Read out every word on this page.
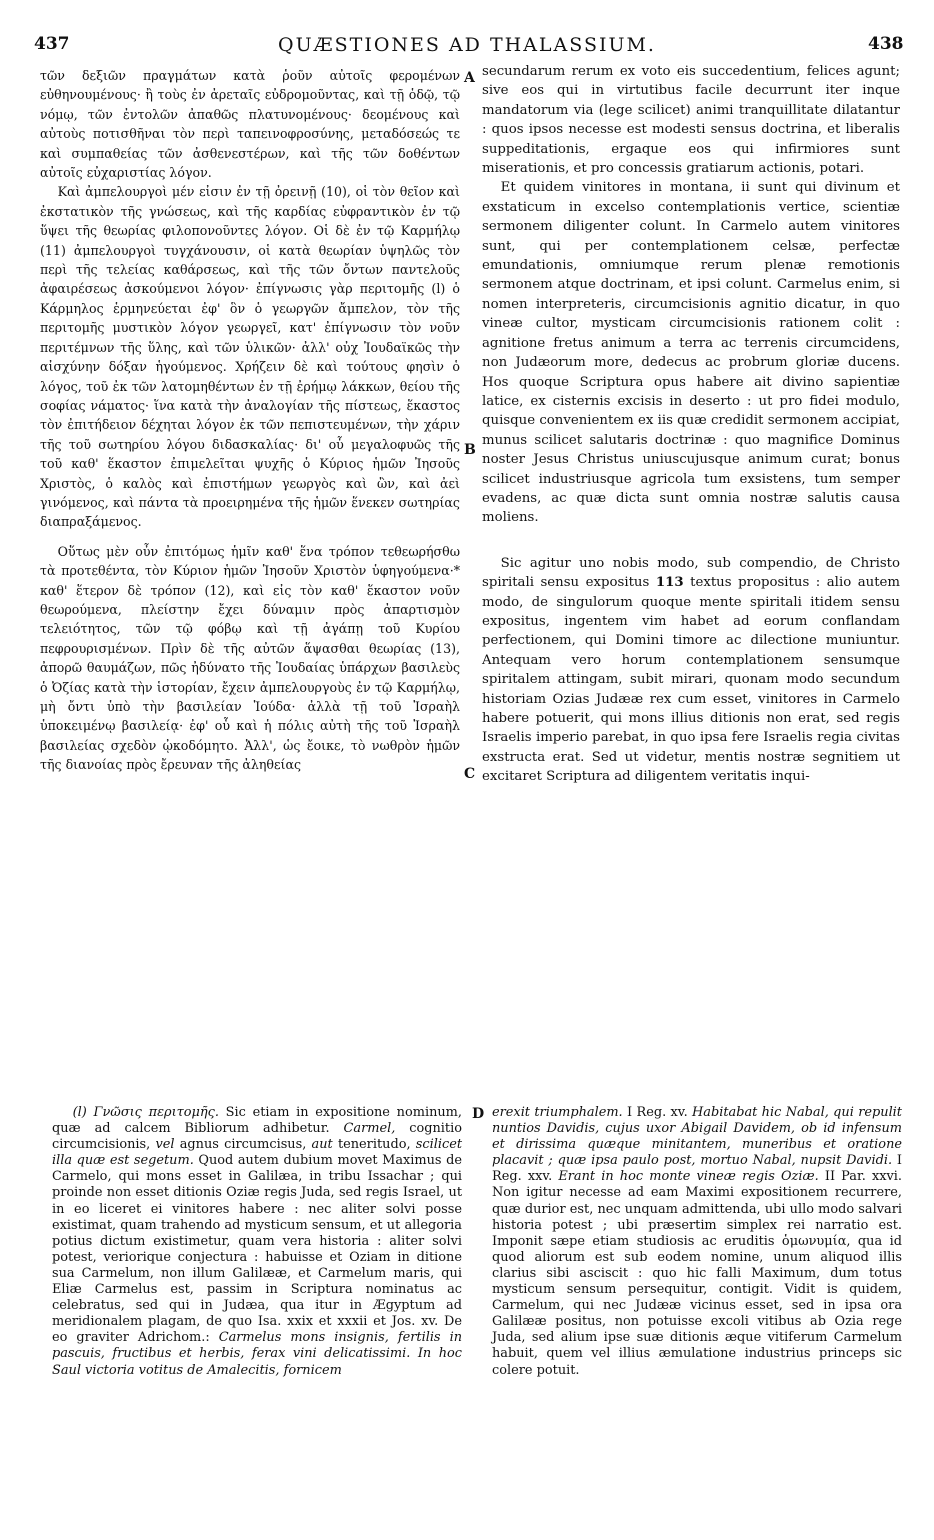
437	QUÆSTIONES AD THALASSIUM.	438
A
B
C
D

τῶν δεξιῶν πραγμάτων κατὰ ῥοῦν αὐτοῖς φερομένων εὐθηνουμένους· ἢ τοὺς ἐν ἀρεταῖς εὐδρομοῦντας, καὶ τῇ ὁδῷ, τῷ νόμῳ, τῶν ἐντολῶν ἀπαθῶς πλατυνομένους· δεομένους καὶ αὐτοὺς ποτισθῆναι τὸν περὶ ταπεινοφροσύνης, μεταδόσεώς τε καὶ συμπαθείας τῶν ἀσθενεστέρων, καὶ τῆς τῶν δοθέντων αὐτοῖς εὐχαριστίας λόγον.

Καὶ ἀμπελουργοὶ μέν εἰσιν ἐν τῇ ὀρεινῇ (10), οἱ τὸν θεῖον καὶ ἐκστατικὸν τῆς γνώσεως, καὶ τῆς καρδίας εὐφραντικὸν ἐν τῷ ὕψει τῆς θεωρίας φιλοπονοῦντες λόγον. Οἱ δὲ ἐν τῷ Καρμήλῳ (11) ἀμπελουργοὶ τυγχάνουσιν, οἱ κατὰ θεωρίαν ὑψηλῶς τὸν περὶ τῆς τελείας καθάρσεως, καὶ τῆς τῶν ὄντων παντελοῦς ἀφαιρέσεως ἀσκούμενοι λόγον· ἐπίγνωσις γὰρ περιτομῆς (l) ὁ Κάρμηλος ἑρμηνεύεται ἐφ' ὃν ὁ γεωργῶν ἄμπελον, τὸν τῆς περιτομῆς μυστικὸν λόγον γεωργεῖ, κατ' ἐπίγνωσιν τὸν νοῦν περιτέμνων τῆς ὕλης, καὶ τῶν ὑλικῶν· ἀλλ' οὐχ Ἰουδαϊκῶς τὴν αἰσχύνην δόξαν ἡγούμενος. Χρήζειν δὲ καὶ τούτους φησὶν ὁ λόγος, τοῦ ἐκ τῶν λατομηθέντων ἐν τῇ ἐρήμῳ λάκκων, θείου τῆς σοφίας νάματος· ἵνα κατὰ τὴν ἀναλογίαν τῆς πίστεως, ἕκαστος τὸν ἐπιτήδειον δέχηται λόγον ἐκ τῶν πεπιστευμένων, τὴν χάριν τῆς τοῦ σωτηρίου λόγου διδασκαλίας· δι' οὗ μεγαλοφυῶς τῆς τοῦ καθ' ἕκαστον ἐπιμελεῖται ψυχῆς ὁ Κύριος ἡμῶν Ἰησοῦς Χριστὸς, ὁ καλὸς καὶ ἐπιστήμων γεωργὸς καὶ ὢν, καὶ ἀεὶ γινόμενος, καὶ πάντα τὰ προειρημένα τῆς ἡμῶν ἕνεκεν σωτηρίας διαπραξάμενος.

Οὕτως μὲν οὖν ἐπιτόμως ἡμῖν καθ' ἕνα τρόπον τεθεωρήσθω τὰ προτεθέντα, τὸν Κύριον ἡμῶν Ἰησοῦν Χριστὸν ὑφηγούμενα·* καθ' ἕτερον δὲ τρόπον (12), καὶ εἰς τὸν καθ' ἕκαστον νοῦν θεωρούμενα, πλείστην ἔχει δύναμιν πρὸς ἀπαρτισμὸν τελειότητος, τῶν τῷ φόβῳ καὶ τῇ ἀγάπῃ τοῦ Κυρίου πεφρουρισμένων. Πρὶν δὲ τῆς αὐτῶν ἅψασθαι θεωρίας (13), ἀπορῶ θαυμάζων, πῶς ἠδύνατο τῆς Ἰουδαίας ὑπάρχων βασιλεὺς ὁ Ὀζίας κατὰ τὴν ἱστορίαν, ἔχειν ἀμπελουργοὺς ἐν τῷ Καρμήλῳ, μὴ ὄντι ὑπὸ τὴν βασιλείαν Ἰούδα· ἀλλὰ τῇ τοῦ Ἰσραὴλ ὑποκειμένῳ βασιλείᾳ· ἐφ' οὗ καὶ ἡ πόλις αὐτὴ τῆς τοῦ Ἰσραὴλ βασιλείας σχεδὸν ᾠκοδόμητο. Ἀλλ', ὡς ἔοικε, τὸ νωθρὸν ἡμῶν τῆς διανοίας πρὸς ἔρευναν τῆς ἀληθείας

secundarum rerum ex voto eis succedentium, felices agunt; sive eos qui in virtutibus facile decurrunt iter inque mandatorum via (lege scilicet) animi tranquillitate dilatantur : quos ipsos necesse est modesti sensus doctrina, et liberalis suppeditationis, ergaque eos qui infirmiores sunt miserationis, et pro concessis gratiarum actionis, potari.

Et quidem vinitores in montana, ii sunt qui divinum et exstaticum in excelso contemplationis vertice, scientiæ sermonem diligenter colunt. In Carmelo autem vinitores sunt, qui per contemplationem celsæ, perfectæ emundationis, omniumque rerum plenæ remotionis sermonem atque doctrinam, et ipsi colunt. Carmelus enim, si nomen interpreteris, circumcisionis agnitio dicatur, in quo vineæ cultor, mysticam circumcisionis rationem colit : agnitione fretus animum a terra ac terrenis circumcidens, non Judæorum more, dedecus ac probrum gloriæ ducens. Hos quoque Scriptura opus habere ait divino sapientiæ latice, ex cisternis excisis in deserto : ut pro fidei modulo, quisque convenientem ex iis quæ credidit sermonem accipiat, munus scilicet salutaris doctrinæ : quo magnifice Dominus noster Jesus Christus uniuscujusque animum curat; bonus scilicet industriusque agricola tum exsistens, tum semper evadens, ac quæ dicta sunt omnia nostræ salutis causa moliens.

Sic agitur uno nobis modo, sub compendio, de Christo spiritali sensu expositus 113 textus propositus : alio autem modo, de singulorum quoque mente spiritali itidem sensu expositus, ingentem vim habet ad eorum conflandam perfectionem, qui Domini timore ac dilectione muniuntur. Antequam vero horum contemplationem sensumque spiritalem attingam, subit mirari, quonam modo secundum historiam Ozias Judææ rex cum esset, vinitores in Carmelo habere potuerit, qui mons illius ditionis non erat, sed regis Israelis imperio parebat, in quo ipsa fere Israelis regia civitas exstructa erat. Sed ut videtur, mentis nostræ segnitiem ut excitaret Scriptura ad diligentem veritatis inqui-

(l) Γνῶσις περιτομῆς. Sic etiam in expositione nominum, quæ ad calcem Bibliorum adhibetur. Carmel, cognitio circumcisionis, vel agnus circumcisus, aut teneritudo, scilicet illa quæ est segetum. Quod autem dubium movet Maximus de Carmelo, qui mons esset in Galilæa, in tribu Issachar ; qui proinde non esset ditionis Oziæ regis Juda, sed regis Israel, ut in eo liceret ei vinitores habere : nec aliter solvi posse existimat, quam trahendo ad mysticum sensum, et ut allegoria potius dictum existimetur, quam vera historia : aliter solvi potest, veriorique conjectura : habuisse et Oziam in ditione sua Carmelum, non illum Galilææ, et Carmelum maris, qui Eliæ Carmelus est, passim in Scriptura nominatus ac celebratus, sed qui in Judæa, qua itur in Ægyptum ad meridionalem plagam, de quo Isa. xxix et xxxii et Jos. xv. De eo graviter Adrichom.: Carmelus mons insignis, fertilis in pascuis, fructibus et herbis, ferax vini delicatissimi. In hoc Saul victoria votitus de Amalecitis, fornicem

erexit triumphalem. I Reg. xv. Habitabat hic Nabal, qui repulit nuntios Davidis, cujus uxor Abigail Davidem, ob id infensum et dirissima quæque minitantem, muneribus et oratione placavit ; quæ ipsa paulo post, mortuo Nabal, nupsit Davidi. I Reg. xxv. Erant in hoc monte vineæ regis Oziæ. II Par. xxvi. Non igitur necesse ad eam Maximi expositionem recurrere, quæ durior est, nec unquam admittenda, ubi ullo modo salvari historia potest ; ubi præsertim simplex rei narratio est. Imponit sæpe etiam studiosis ac eruditis ὁμωνυμία, qua id quod aliorum est sub eodem nomine, unum aliquod illis clarius sibi asciscit : quo hic falli Maximum, dum totus mysticum sensum persequitur, contigit. Vidit is quidem, Carmelum, qui nec Judææ vicinus esset, sed in ipsa ora Galilææ positus, non potuisse excoli vitibus ab Ozia rege Juda, sed alium ipse suæ ditionis æque vitiferum Carmelum habuit, quem vel illius æmulatione industrius princeps sic colere potuit.
